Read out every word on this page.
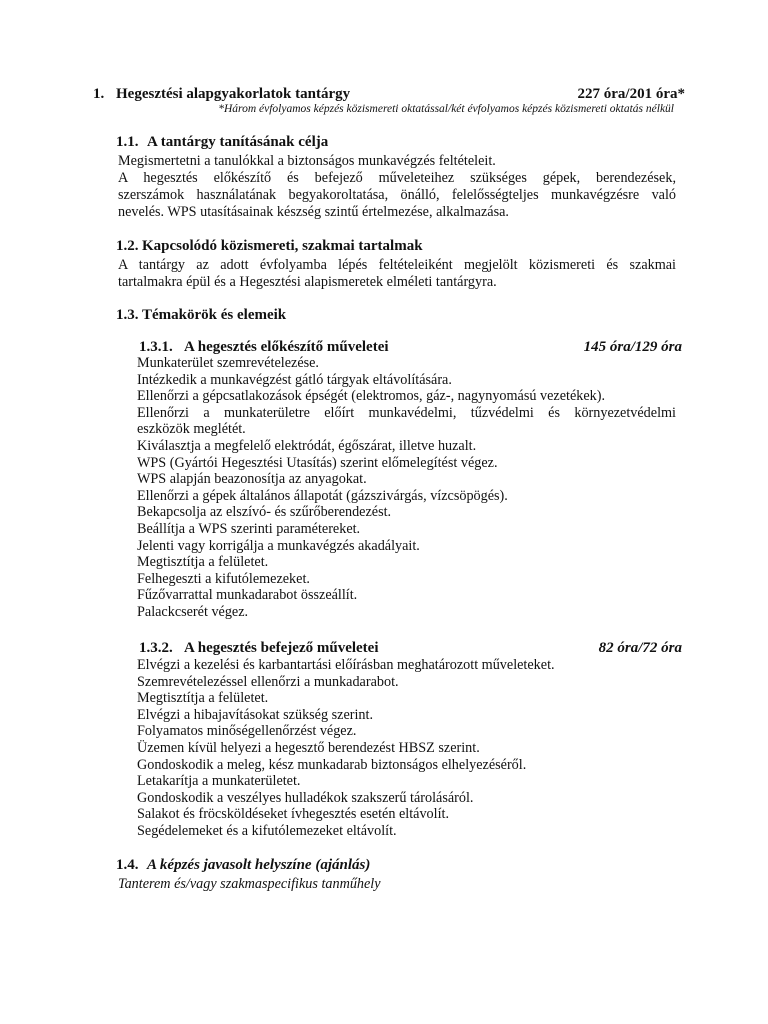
1. Hegesztési alapgyakorlatok tantárgy	227 óra/201 óra*
*Három évfolyamos képzés közismereti oktatással/két évfolyamos képzés közismereti oktatás nélkül
1.1. A tantárgy tanításának célja
Megismertetni a tanulókkal a biztonságos munkavégzés feltételeit.
A hegesztés előkészítő és befejező műveleteihez szükséges gépek, berendezések,
szerszámok használatának begyakoroltatása, önálló, felelősségteljes munkavégzésre való
nevelés. WPS utasításainak készség szintű értelmezése, alkalmazása.
1.2. Kapcsolódó közismereti, szakmai tartalmak
A tantárgy az adott évfolyamba lépés feltételeiként megjelölt közismereti és szakmai
tartalmakra épül és a Hegesztési alapismeretek elméleti tantárgyra.
1.3. Témakörök és elemeik
1.3.1. A hegesztés előkészítő műveletei	145 óra/129 óra
Munkaterület szemrevételezése.
Intézkedik a munkavégzést gátló tárgyak eltávolítására.
Ellenőrzi a gépcsatlakozások épségét (elektromos, gáz-, nagynyomású vezetékek).
Ellenőrzi a munkaterületre előírt munkavédelmi, tűzvédelmi és környezetvédelmi
eszközök meglétét.
Kiválasztja a megfelelő elektródát, égőszárat, illetve huzalt.
WPS (Gyártói Hegesztési Utasítás) szerint előmelegítést végez.
WPS alapján beazonosítja az anyagokat.
Ellenőrzi a gépek általános állapotát (gázszivárgás, vízcsöpögés).
Bekapcsolja az elszívó- és szűrőberendezést.
Beállítja a WPS szerinti paramétereket.
Jelenti vagy korrigálja a munkavégzés akadályait.
Megtisztítja a felületet.
Felhegeszti a kifutólemezeket.
Fűzővarrattal munkadarabot összeállít.
Palackcserét végez.
1.3.2. A hegesztés befejező műveletei	82 óra/72 óra
Elvégzi a kezelési és karbantartási előírásban meghatározott műveleteket.
Szemrevételezéssel ellenőrzi a munkadarabot.
Megtisztítja a felületet.
Elvégzi a hibajavításokat szükség szerint.
Folyamatos minőségellenőrzést végez.
Üzemen kívül helyezi a hegesztő berendezést HBSZ szerint.
Gondoskodik a meleg, kész munkadarab biztonságos elhelyezéséről.
Letakarítja a munkaterületet.
Gondoskodik a veszélyes hulladékok szakszerű tárolásáról.
Salakot és fröcsköldéseket ívhegesztés esetén eltávolít.
Segédelemeket és a kifutólemezeket eltávolít.
1.4. A képzés javasolt helyszíne (ajánlás)
Tanterem és/vagy szakmaspecifikus tanműhely
